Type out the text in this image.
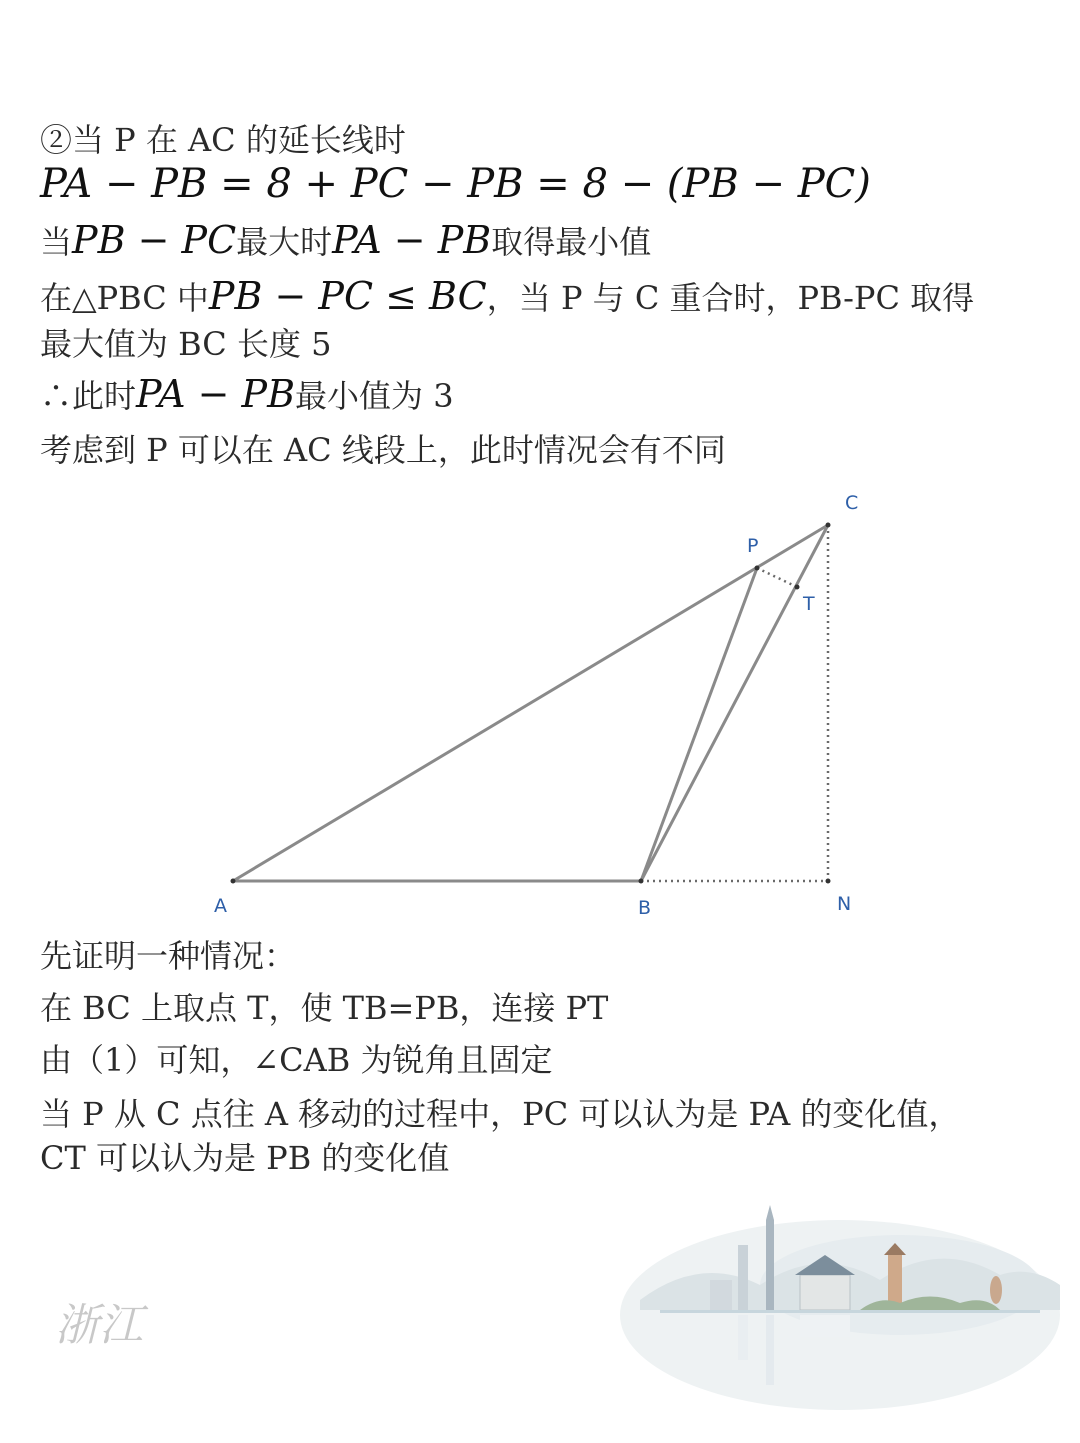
②当 P 在 AC 的延长线时
PA − PB = 8 + PC − PB = 8 − (PB − PC)
当PB − PC最大时PA − PB取得最小值
在△PBC 中PB − PC ≤ BC，当 P 与 C 重合时，PB-PC 取得
最大值为 BC 长度 5
∴此时PA − PB最小值为 3
考虑到 P 可以在 AC 线段上，此时情况会有不同
A	B
C
P
T
N
先证明一种情况：
在 BC 上取点 T，使 TB=PB，连接 PT
由（1）可知，∠CAB 为锐角且固定
当 P 从 C 点往 A 移动的过程中，PC 可以认为是 PA 的变化值，
CT 可以认为是 PB 的变化值
浙江
